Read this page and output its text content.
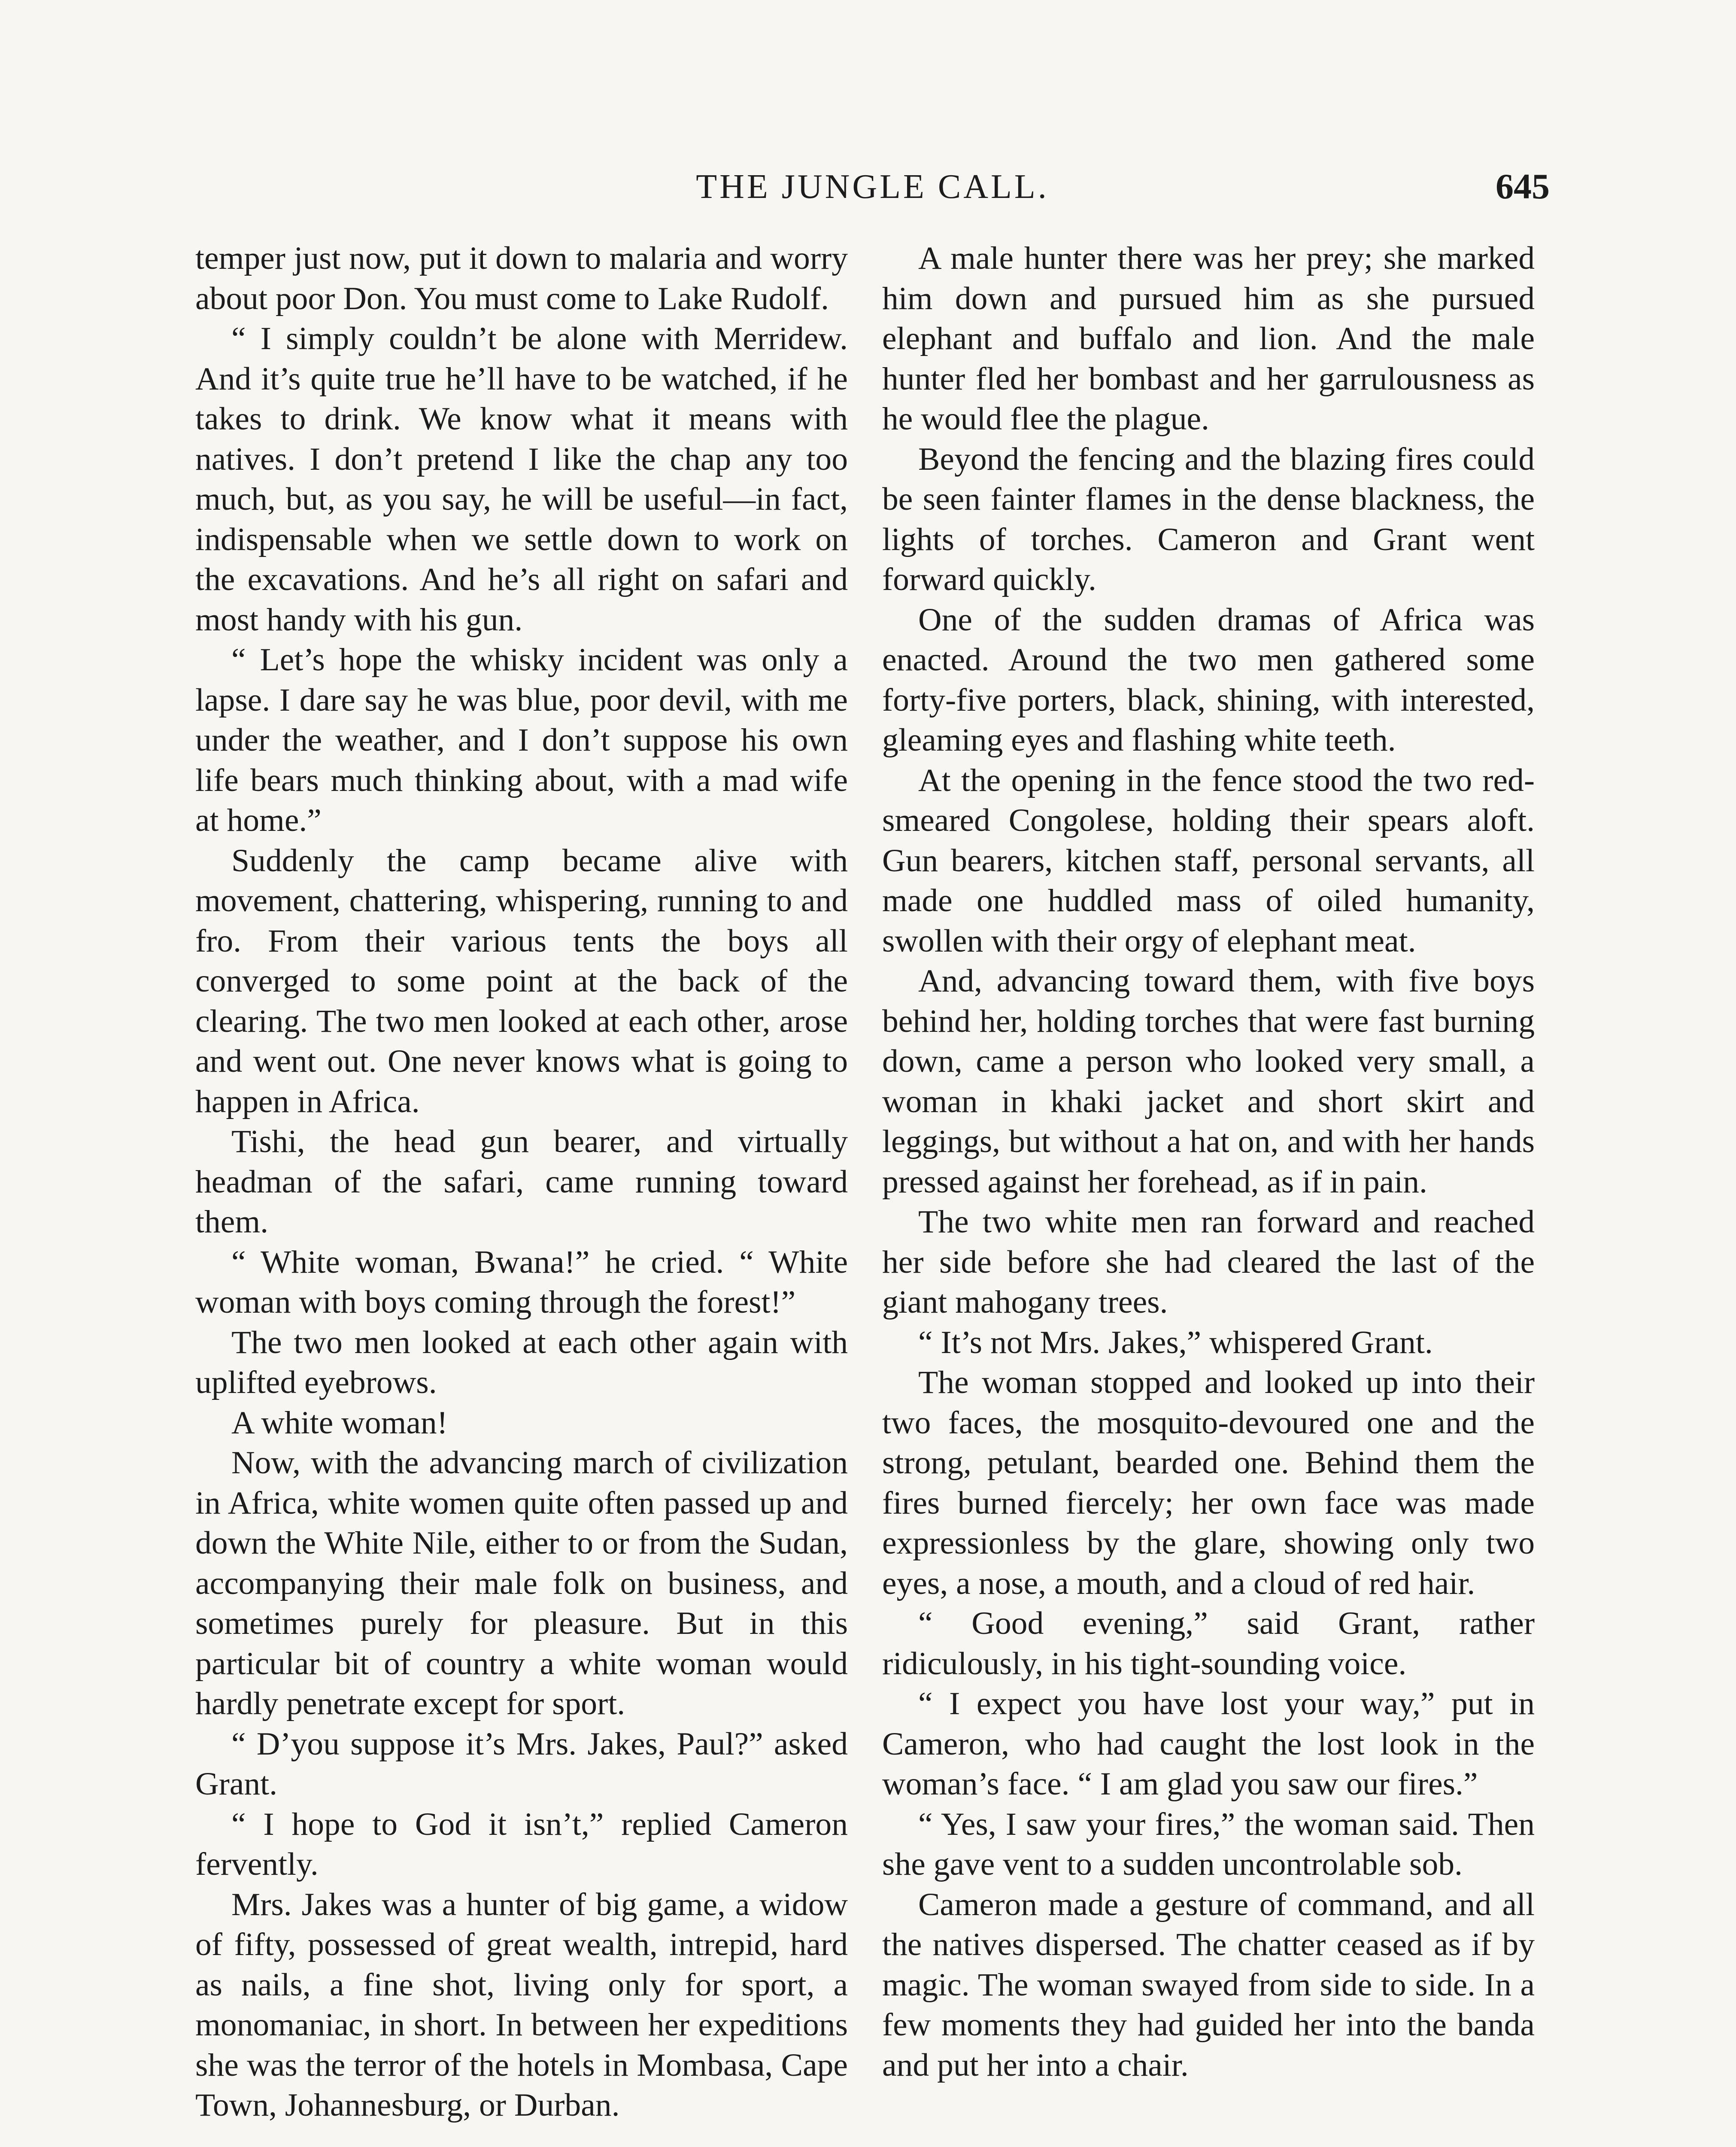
THE JUNGLE CALL.	645

temper just now, put it down to malaria and worry about poor Don. You must come to Lake Rudolf.

“ I simply couldn’t be alone with Merridew. And it’s quite true he’ll have to be watched, if he takes to drink. We know what it means with natives. I don’t pretend I like the chap any too much, but, as you say, he will be useful—in fact, indispensable when we settle down to work on the excavations. And he’s all right on safari and most handy with his gun.

“ Let’s hope the whisky incident was only a lapse. I dare say he was blue, poor devil, with me under the weather, and I don’t suppose his own life bears much thinking about, with a mad wife at home.”

Suddenly the camp became alive with movement, chattering, whispering, running to and fro. From their various tents the boys all converged to some point at the back of the clearing. The two men looked at each other, arose and went out. One never knows what is going to happen in Africa.

Tishi, the head gun bearer, and virtually headman of the safari, came running toward them.

“ White woman, Bwana!” he cried. “ White woman with boys coming through the forest!”

The two men looked at each other again with uplifted eyebrows.

A white woman!

Now, with the advancing march of civilization in Africa, white women quite often passed up and down the White Nile, either to or from the Sudan, accompanying their male folk on business, and sometimes purely for pleasure. But in this particular bit of country a white woman would hardly penetrate except for sport.

“ D’you suppose it’s Mrs. Jakes, Paul?” asked Grant.

“ I hope to God it isn’t,” replied Cameron fervently.

Mrs. Jakes was a hunter of big game, a widow of fifty, possessed of great wealth, intrepid, hard as nails, a fine shot, living only for sport, a monomaniac, in short. In between her expeditions she was the terror of the hotels in Mombasa, Cape Town, Johannesburg, or Durban.

A male hunter there was her prey; she marked him down and pursued him as she pursued elephant and buffalo and lion. And the male hunter fled her bombast and her garrulousness as he would flee the plague.

Beyond the fencing and the blazing fires could be seen fainter flames in the dense blackness, the lights of torches. Cameron and Grant went forward quickly.

One of the sudden dramas of Africa was enacted. Around the two men gathered some forty-five porters, black, shining, with interested, gleaming eyes and flashing white teeth.

At the opening in the fence stood the two red-smeared Congolese, holding their spears aloft. Gun bearers, kitchen staff, personal servants, all made one huddled mass of oiled humanity, swollen with their orgy of elephant meat.

And, advancing toward them, with five boys behind her, holding torches that were fast burning down, came a person who looked very small, a woman in khaki jacket and short skirt and leggings, but without a hat on, and with her hands pressed against her forehead, as if in pain.

The two white men ran forward and reached her side before she had cleared the last of the giant mahogany trees.

“ It’s not Mrs. Jakes,” whispered Grant.

The woman stopped and looked up into their two faces, the mosquito-devoured one and the strong, petulant, bearded one. Behind them the fires burned fiercely; her own face was made expressionless by the glare, showing only two eyes, a nose, a mouth, and a cloud of red hair.

“ Good evening,” said Grant, rather ridiculously, in his tight-sounding voice.

“ I expect you have lost your way,” put in Cameron, who had caught the lost look in the woman’s face. “ I am glad you saw our fires.”

“ Yes, I saw your fires,” the woman said. Then she gave vent to a sudden uncontrolable sob.

Cameron made a gesture of command, and all the natives dispersed. The chatter ceased as if by magic. The woman swayed from side to side. In a few moments they had guided her into the banda and put her into a chair.
